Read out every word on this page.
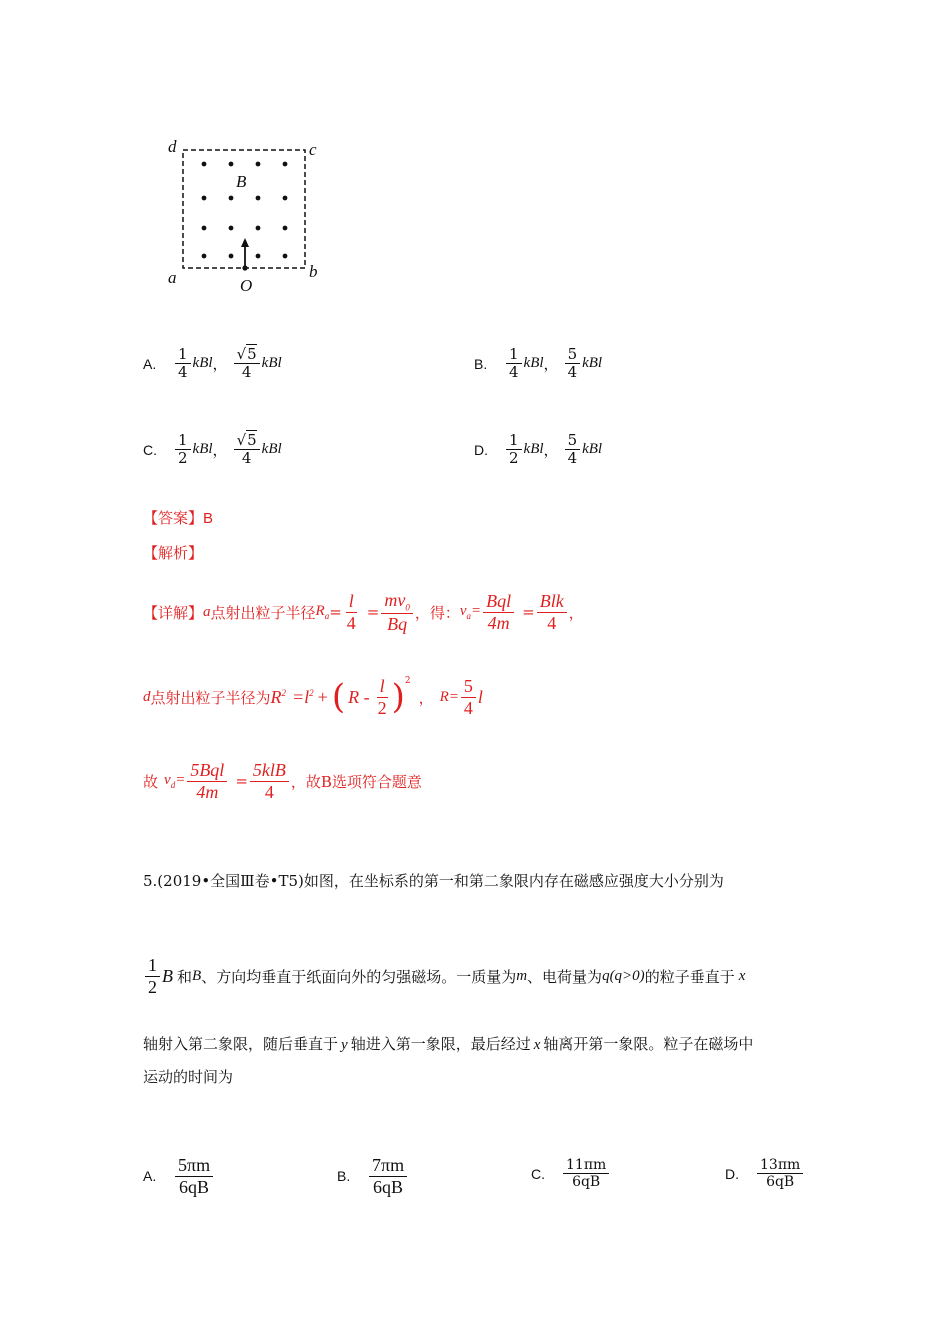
d	c
a	b
B
O
A.	$\frac{1}{4}$ kBl ， $\frac{√5}{4}$ kBl	B.	$\frac{1}{4}$ kBl ， $\frac{5}{4}$ kBl
C.	$\frac{1}{2}$ kBl ， $\frac{√5}{4}$ kBl	D.	$\frac{1}{2}$ kBl ， $\frac{5}{4}$ kBl
【答案】B
【解析】
【详解】 a 点射出粒子半径 $R_a = \frac{l}{4} = \frac{mv_0}{Bq}$ ，得： $v_a= \frac{\text{Bql}}{4m} = \frac{\text{Blk}}{4}$ ，
d 点射出粒子半径为 $R^2 =l^2$ + ( R - $\frac{l}{2} )^2$
， $R= \frac{5}{4}$ l
故 $v_d= \frac{\text{5Bql}}{4m} = \frac{\text{5klB}}{4}$ ，故B选项符合题意
5.(2019•全国Ⅲ卷•T5)如图，在坐标系的第一和第二象限内存在磁感应强度大小分别为
$\frac{1}{2}$ B 和 B 、方向均垂直于纸面向外的匀强磁场。一质量为 m 、电荷量为 q (q>0) 的粒子垂直于 x
轴射入第二象限，随后垂直于 y 轴进入第一象限，最后经过 x 轴离开第一象限。粒子在磁场中
运动的时间为
A.	$\frac{5\pi m}{6qB}$	B.	$\frac{7\pi m}{6qB}$	C.	$\frac{11\pi m}{6qB}$	D.	$\frac{13\pi m}{6qB}$
